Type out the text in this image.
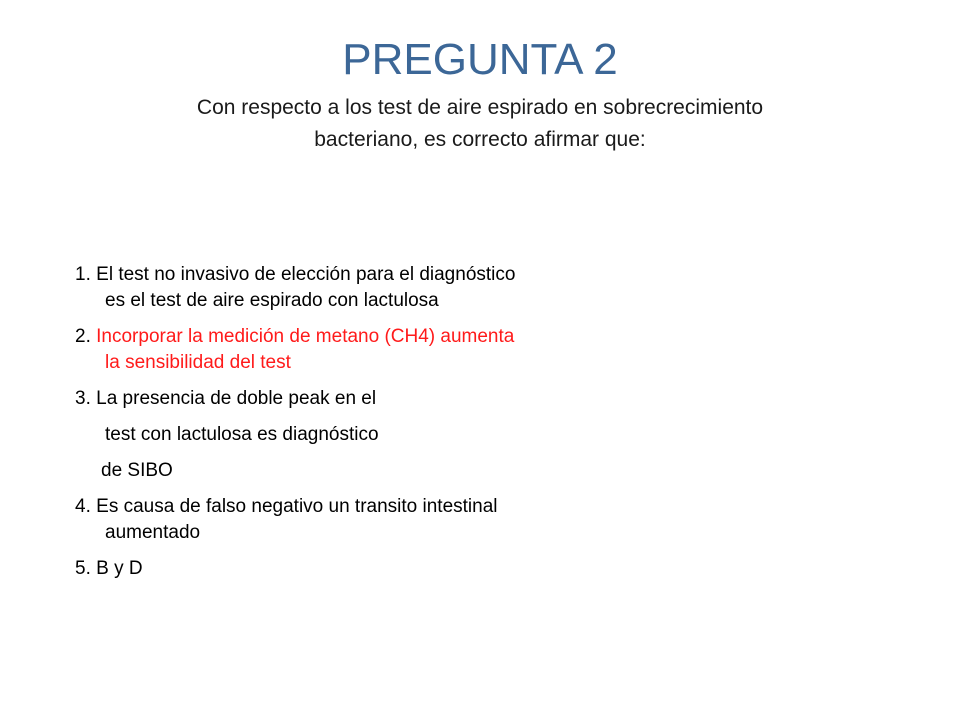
PREGUNTA 2
Con respecto a los test de aire espirado en sobrecrecimiento
bacteriano, es correcto afirmar que:
1. El test no invasivo de elección para el diagnóstico
es el test de aire espirado con lactulosa
2. Incorporar la medición de metano (CH4) aumenta
la sensibilidad del test
3. La presencia de doble peak en el
test con lactulosa es diagnóstico
de SIBO
4. Es causa de falso negativo un transito intestinal
aumentado
5. B y D
